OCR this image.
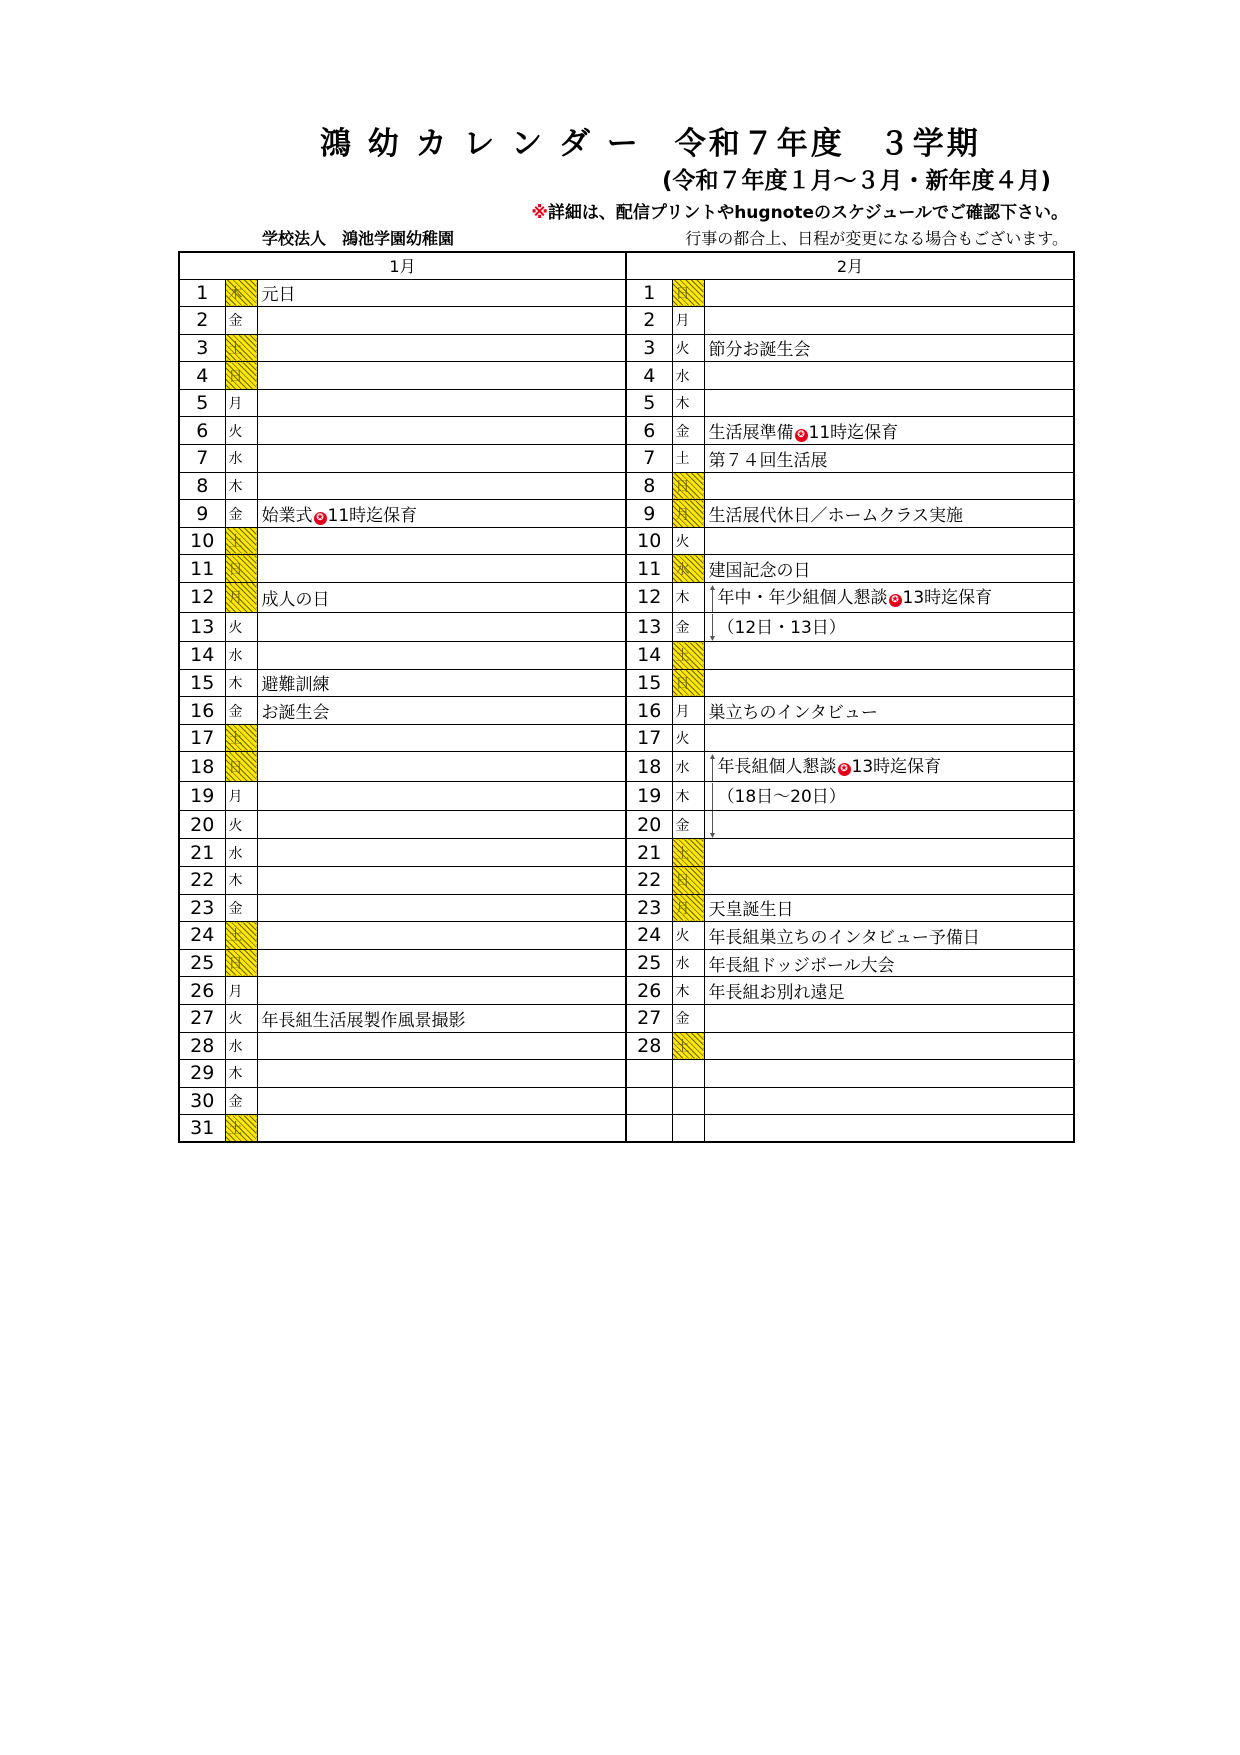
鴻 幼 カ レ ン ダ ー　令和７年度　３学期
(令和７年度１月〜３月・新年度４月)
※詳細は、配信プリントやhugnoteのスケジュールでご確認下さい。
学校法人　鴻池学園幼稚園	行事の都合上、日程が変更になる場合もございます。
1月			2月		
1	木	元日	1	日	
2	金		2	月	
3	土		3	火	節分お誕生会
4	日		4	水	
5	月		5	木	
6	火		6	金	生活展準備 ✪ 11時迄保育
7	水		7	土	第７４回生活展
8	木		8	日	
9	金	始業式 ✪ 11時迄保育	9	月	生活展代休日／ホームクラス実施
10	土		10	火	
11	日		11	水	建国記念の日
12	月	成人の日	12	木	年中・年少組個人懇談 ✪ 13時迄保育
13	火		13	金	（12日・13日）
14	水		14	土	
15	木	避難訓練	15	日	
16	金	お誕生会	16	月	巣立ちのインタビュー
17	土		17	火	
18	日		18	水	年長組個人懇談 ✪ 13時迄保育
19	月		19	木	（18日〜20日）
20	火		20	金	
21	水		21	土	
22	木		22	日	
23	金		23	月	天皇誕生日
24	土		24	火	年長組巣立ちのインタビュー予備日
25	日		25	水	年長組ドッジボール大会
26	月		26	木	年長組お別れ遠足
27	火	年長組生活展製作風景撮影	27	金	
28	水		28	土	
29	木				
30	金				
31	土				
